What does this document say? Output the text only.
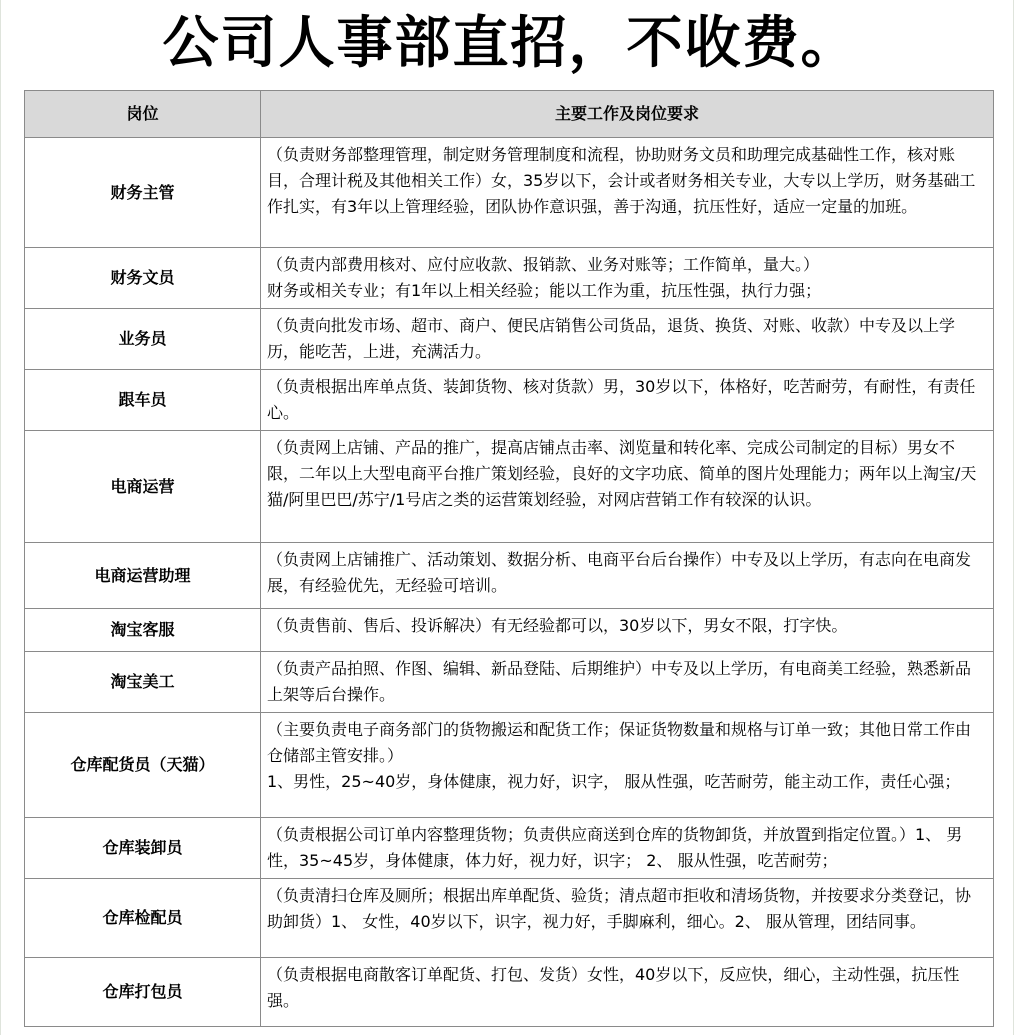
公司人事部直招，不收费。
岗位	主要工作及岗位要求
财务主管	（负责财务部整理管理，制定财务管理制度和流程，协助财务文员和助理完成基础性工作，核对账目，合理计税及其他相关工作）女，35岁以下，会计或者财务相关专业，大专以上学历，财务基础工作扎实，有3年以上管理经验，团队协作意识强，善于沟通，抗压性好，适应一定量的加班。
财务文员	（负责内部费用核对、应付应收款、报销款、业务对账等；工作简单，量大。）
财务或相关专业；有1年以上相关经验；能以工作为重，抗压性强，执行力强；
业务员	（负责向批发市场、超市、商户、便民店销售公司货品，退货、换货、对账、收款）中专及以上学历，能吃苦，上进，充满活力。
跟车员	（负责根据出库单点货、装卸货物、核对货款）男，30岁以下，体格好，吃苦耐劳，有耐性，有责任心。
电商运营	（负责网上店铺、产品的推广，提高店铺点击率、浏览量和转化率、完成公司制定的目标）男女不限，二年以上大型电商平台推广策划经验，良好的文字功底、简单的图片处理能力；两年以上淘宝/天猫/阿里巴巴/苏宁/1号店之类的运营策划经验，对网店营销工作有较深的认识。
电商运营助理	（负责网上店铺推广、活动策划、数据分析、电商平台后台操作）中专及以上学历，有志向在电商发展，有经验优先，无经验可培训。
淘宝客服	（负责售前、售后、投诉解决）有无经验都可以，30岁以下，男女不限，打字快。
淘宝美工	（负责产品拍照、作图、编辑、新品登陆、后期维护）中专及以上学历，有电商美工经验，熟悉新品上架等后台操作。
仓库配货员（天猫）	（主要负责电子商务部门的货物搬运和配货工作；保证货物数量和规格与订单一致；其他日常工作由仓储部主管安排。）
1、男性，25~40岁，身体健康，视力好，识字， 服从性强，吃苦耐劳，能主动工作，责任心强；
仓库装卸员	（负责根据公司订单内容整理货物；负责供应商送到仓库的货物卸货，并放置到指定位置。）1、 男性，35~45岁，身体健康，体力好，视力好，识字； 2、 服从性强，吃苦耐劳；
仓库检配员	（负责清扫仓库及厕所；根据出库单配货、验货；清点超市拒收和清场货物，并按要求分类登记，协助卸货）1、 女性，40岁以下，识字，视力好，手脚麻利，细心。2、 服从管理，团结同事。
仓库打包员	（负责根据电商散客订单配货、打包、发货）女性，40岁以下，反应快，细心，主动性强，抗压性强。
